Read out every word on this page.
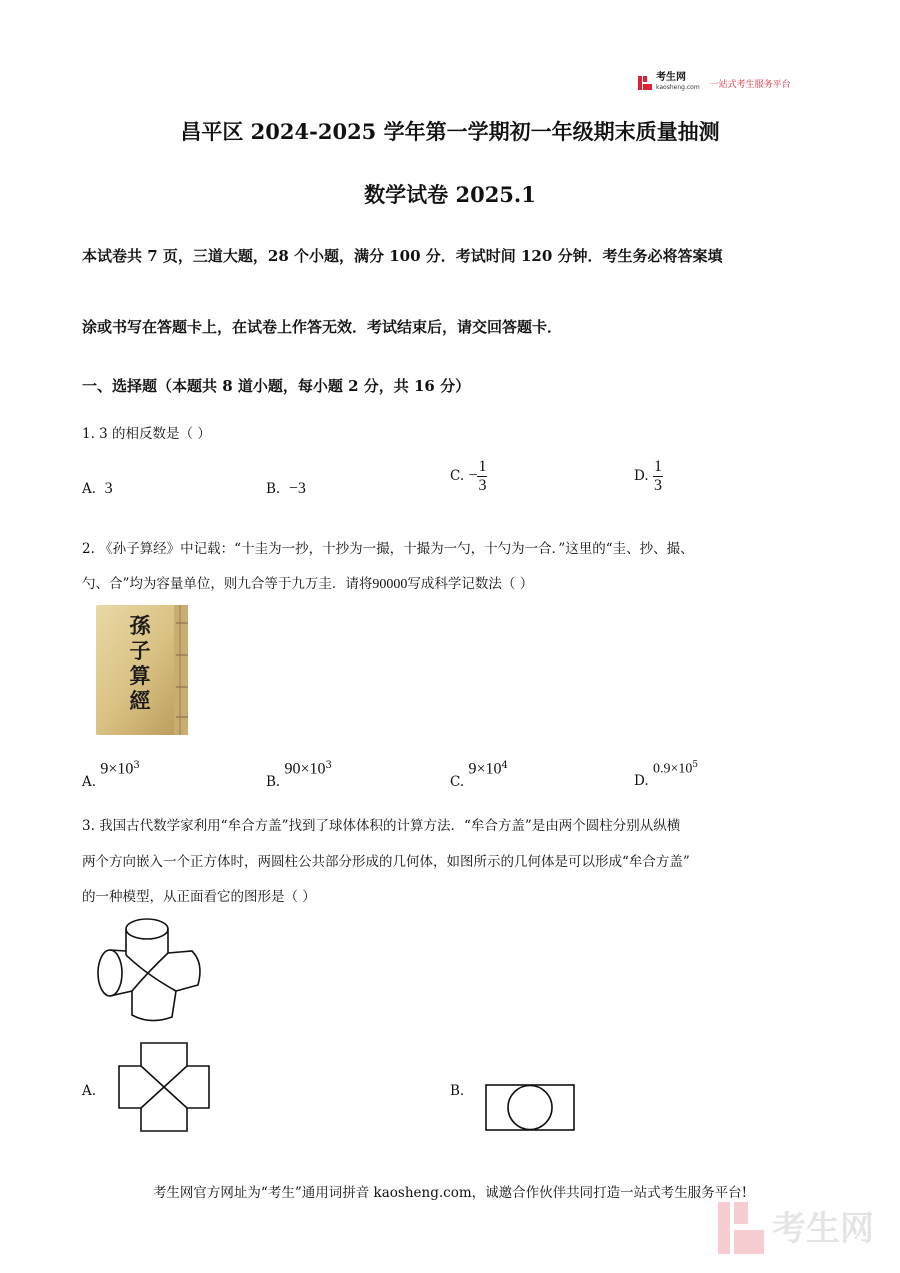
考生网
kaosheng.com 一站式考生服务平台
昌平区 2024-2025 学年第一学期初一年级期末质量抽测
数学试卷 2025.1
本试卷共 7 页，三道大题，28 个小题，满分 100 分．考试时间 120 分钟．考生务必将答案填
涂或书写在答题卡上，在试卷上作答无效．考试结束后，请交回答题卡．
一、选择题（本题共 8 道小题，每小题 2 分，共 16 分）
1. 3 的相反数是（ ）
A. 3	B. −3
C. − $\frac{1}{3}$	D. $\frac{1}{3}$
2. 《孙子算经》中记载：“十圭为一抄，十抄为一撮，十撮为一勺，十勺为一合．”这里的“圭、抄、撮、
勺、合”均为容量单位，则九合等于九万圭．请将90000写成科学记数法（ ）
孫
子
算
經
A. $9\times 10^3$
B. $90\times 10^3$
C. $9\times 10^4$
D. $0.9\times 10^5$
3. 我国古代数学家利用“牟合方盖”找到了球体体积的计算方法．“牟合方盖”是由两个圆柱分别从纵横
两个方向嵌入一个正方体时，两圆柱公共部分形成的几何体，如图所示的几何体是可以形成“牟合方盖”
的一种模型，从正面看它的图形是（ ）
A.	B.
考生网官方网址为“考生”通用词拼音 kaosheng.com，诚邀合作伙伴共同打造一站式考生服务平台!
考生网
